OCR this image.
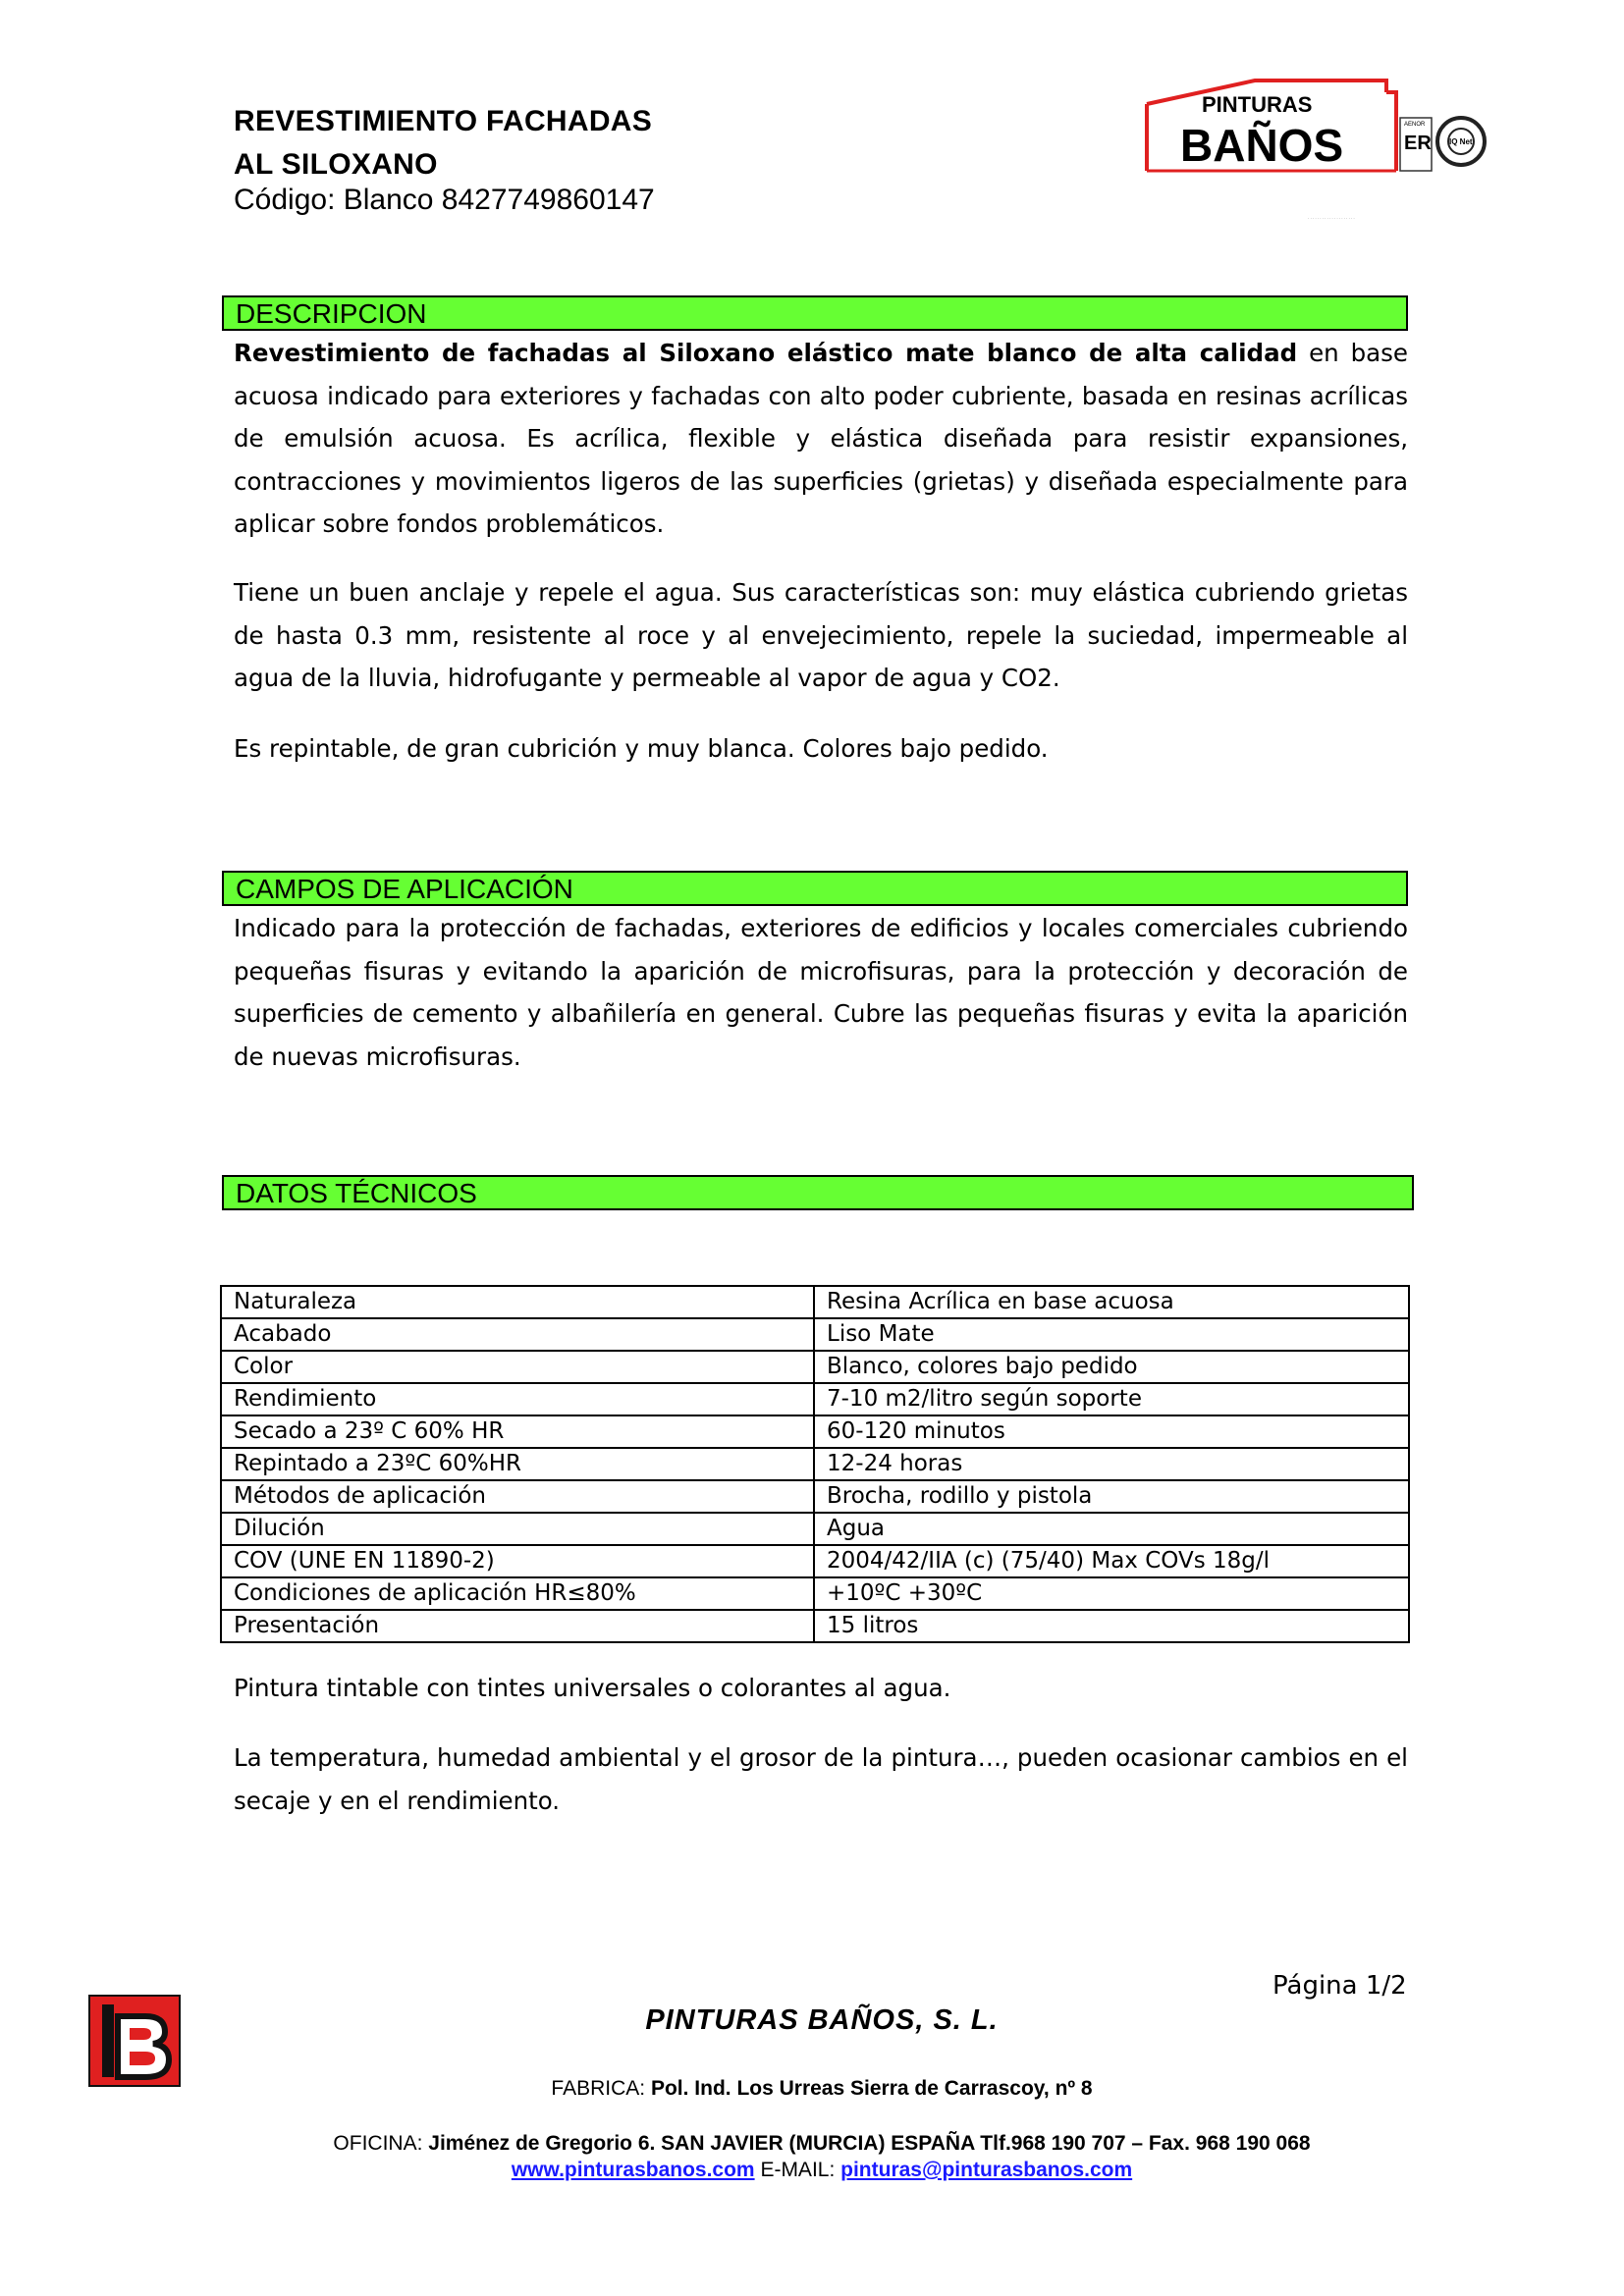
REVESTIMIENTO FACHADAS
AL SILOXANO
Código: Blanco 8427749860147
PINTURAS
BAÑOS	AENOR
ER IQ Net
· · · · · · · · · · · · · · · · · · · ·
DESCRIPCION

Revestimiento de fachadas al Siloxano elástico mate blanco de alta calidad en base acuosa indicado para exteriores y fachadas con alto poder cubriente, basada en resinas acrílicas de emulsión acuosa. Es acrílica, flexible y elástica diseñada para resistir expansiones, contracciones y movimientos ligeros de las superficies (grietas) y diseñada especialmente para aplicar sobre fondos problemáticos.

Tiene un buen anclaje y repele el agua. Sus características son: muy elástica cubriendo grietas de hasta 0.3 mm, resistente al roce y al envejecimiento, repele la suciedad, impermeable al agua de la lluvia, hidrofugante y permeable al vapor de agua y CO2.

Es repintable, de gran cubrición y muy blanca. Colores bajo pedido.

CAMPOS DE APLICACIÓN

Indicado para la protección de fachadas, exteriores de edificios y locales comerciales cubriendo pequeñas fisuras y evitando la aparición de microfisuras, para la protección y decoración de superficies de cemento y albañilería en general. Cubre las pequeñas fisuras y evita la aparición de nuevas microfisuras.

DATOS TÉCNICOS
Naturaleza	Resina Acrílica en base acuosa
Acabado	Liso Mate
Color	Blanco, colores bajo pedido
Rendimiento	7-10 m2/litro según soporte
Secado a 23º C 60% HR	60-120 minutos
Repintado a 23ºC 60%HR	12-24 horas
Métodos de aplicación	Brocha, rodillo y pistola
Dilución	Agua
COV (UNE EN 11890-2)	2004/42/IIA (c) (75/40) Max COVs 18g/l
Condiciones de aplicación HR≤80%	+10ºC +30ºC
Presentación	15 litros

Pintura tintable con tintes universales o colorantes al agua.

La temperatura, humedad ambiental y el grosor de la pintura…, pueden ocasionar cambios en el secaje y en el rendimiento.

Página 1/2
PINTURAS BAÑOS, S. L.
FABRICA: Pol. Ind. Los Urreas Sierra de Carrascoy, nº 8
OFICINA: Jiménez de Gregorio 6. SAN JAVIER (MURCIA) ESPAÑA Tlf.968 190 707 – Fax. 968 190 068
www.pinturasbanos.com E-MAIL: pinturas@pinturasbanos.com
